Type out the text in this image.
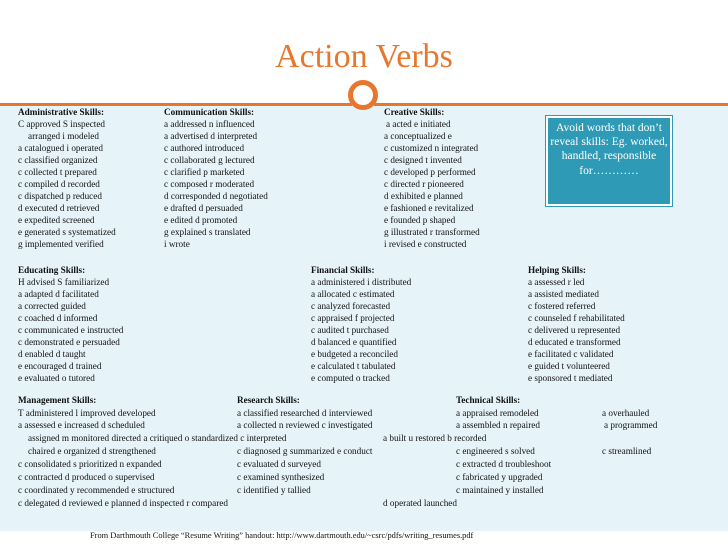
Action Verbs
Avoid words that don’t reveal skills: Eg. worked, handled, responsible for…………
Administrative Skills:
C approved S inspected
arranged i modeled
a catalogued i operated
c classified organized
c collected t prepared
c compiled d recorded
c dispatched p reduced
d executed d retrieved
e expedited screened
e generated s systematized
g implemented verified
Communication Skills:
a addressed n influenced
a advertised d interpreted
c authored introduced
c collaborated g lectured
c clarified p marketed
c composed r moderated
d corresponded d negotiated
e drafted d persuaded
e edited d promoted
g explained s translated
i wrote
Creative Skills:
a acted e initiated
a conceptualized e
c customized n integrated
c designed t invented
c developed p performed
c directed r pioneered
d exhibited e planned
e fashioned e revitalized
e founded p shaped
g illustrated r transformed
i revised e constructed
Educating Skills:
H advised S familiarized
a adapted d facilitated
a corrected guided
c coached d informed
c communicated e instructed
c demonstrated e persuaded
d enabled d taught
e encouraged d trained
e evaluated o tutored
Financial Skills:
a administered i distributed
a allocated c estimated
c analyzed forecasted
c appraised f projected
c audited t purchased
d balanced e quantified
e budgeted a reconciled
e calculated t tabulated
e computed o tracked
Helping Skills:
a assessed r led
a assisted mediated
c fostered referred
c counseled f rehabilitated
c delivered u represented
d educated e transformed
e facilitated c validated
e guided t volunteered
e sponsored t mediated
Management Skills:
T administered l improved developed
a assessed e increased d scheduled
assigned m monitored directed a critiqued o standardized c interpreted
chaired e organized d strengthened
c consolidated s prioritized n expanded
c contracted d produced o supervised
c coordinated y recommended e structured
c delegated d reviewed e planned d inspected r compared
Research Skills:
a classified researched d interviewed
a collected n reviewed c investigated
a built u restored b recorded
c diagnosed g summarized e conduct
c evaluated d surveyed
c examined synthesized
c identified y tallied
d operated launched
Technical Skills:
a appraised remodeled
a assembled n repaired
c engineered s solved
c extracted d troubleshoot
c fabricated y upgraded
c maintained y installed
a overhauled
a programmed
c streamlined
From Darthmouth College “Resume Writing” handout: http://www.dartmouth.edu/~csrc/pdfs/writing_resumes.pdf
